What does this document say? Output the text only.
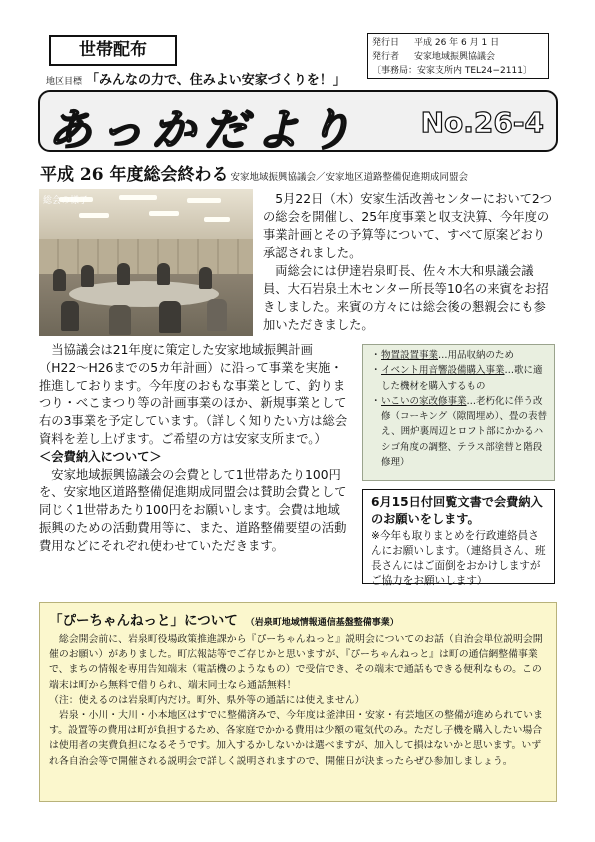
世帯配布
地区目標 「みんなの力で、住みよい安家づくりを！」
発行日 平成 26 年 6 月 1 日
発行者 安家地域振興協議会
〔事務局：安家支所内 TEL24−2111〕
あっかだより No.26-4
平成 26 年度総会終わる 安家地域振興協議会／安家地区道路整備促進期成同盟会
総会の様子	5月22日（木）安家生活改善センターにおいて2つの総会を開催し、25年度事業と収支決算、今年度の事業計画とその予算等について、すべて原案どおり承認されました。

両総会には伊達岩泉町長、佐々木大和県議会議員、大石岩泉土木センター所長等10名の来賓をお招きしました。来賓の方々には総会後の懇親会にも参加いただきました。

当協議会は21年度に策定した安家地域振興計画（H22〜H26までの5カ年計画）に沿って事業を実施・推進しております。今年度のおもな事業として、釣りまつり・べこまつり等の計画事業のほか、新規事業として右の3事業を予定しています。（詳しく知りたい方は総会資料を差し上げます。ご希望の方は安家支所まで。）

＜会費納入について＞

安家地域振興協議会の会費として1世帯あたり100円を、安家地区道路整備促進期成同盟会は賛助会費として同じく1世帯あたり100円をお願いします。会費は地域振興のための活動費用等に、また、道路整備要望の活動費用などにそれぞれ使わせていただきます。

・ 物置設置事業…用品収納のため
・ イベント用音響設備購入事業…歌に適した機材を購入するもの
・ いこいの家改修事業…老朽化に伴う改修（コーキング（隙間埋め）、畳の表替え、囲炉裏周辺とロフト部にかかるハシゴ角度の調整、テラス部塗替と階段修理）
6月15日付回覧文書で会費納入のお願いをします。
※今年も取りまとめを行政連絡員さんにお願いします。（連絡員さん、班長さんにはご面倒をおかけしますがご協力をお願いします）
「ぴーちゃんねっと」について （岩泉町地域情報通信基盤整備事業）

総会開会前に、岩泉町役場政策推進課から『ぴーちゃんねっと』説明会についてのお話（自治会単位説明会開催のお願い）がありました。町広報誌等でご存じかと思いますが、『ぴーちゃんねっと』は町の通信網整備事業で、まちの情報を専用告知端末（電話機のようなもの）で受信でき、その端末で通話もできる便利なもの。この端末は町から無料で借りられ、端末同士なら通話無料！

（注：使えるのは岩泉町内だけ。町外、県外等の通話には使えません）

岩泉・小川・大川・小本地区はすでに整備済みで、今年度は釜津田・安家・有芸地区の整備が進められています。設置等の費用は町が負担するため、各家庭でかかる費用は少額の電気代のみ。ただし子機を購入したい場合は使用者の実費負担になるそうです。加入するかしないかは選べますが、加入して損はないかと思います。いずれ各自治会等で開催される説明会で詳しく説明されますので、開催日が決まったらぜひ参加しましょう。
